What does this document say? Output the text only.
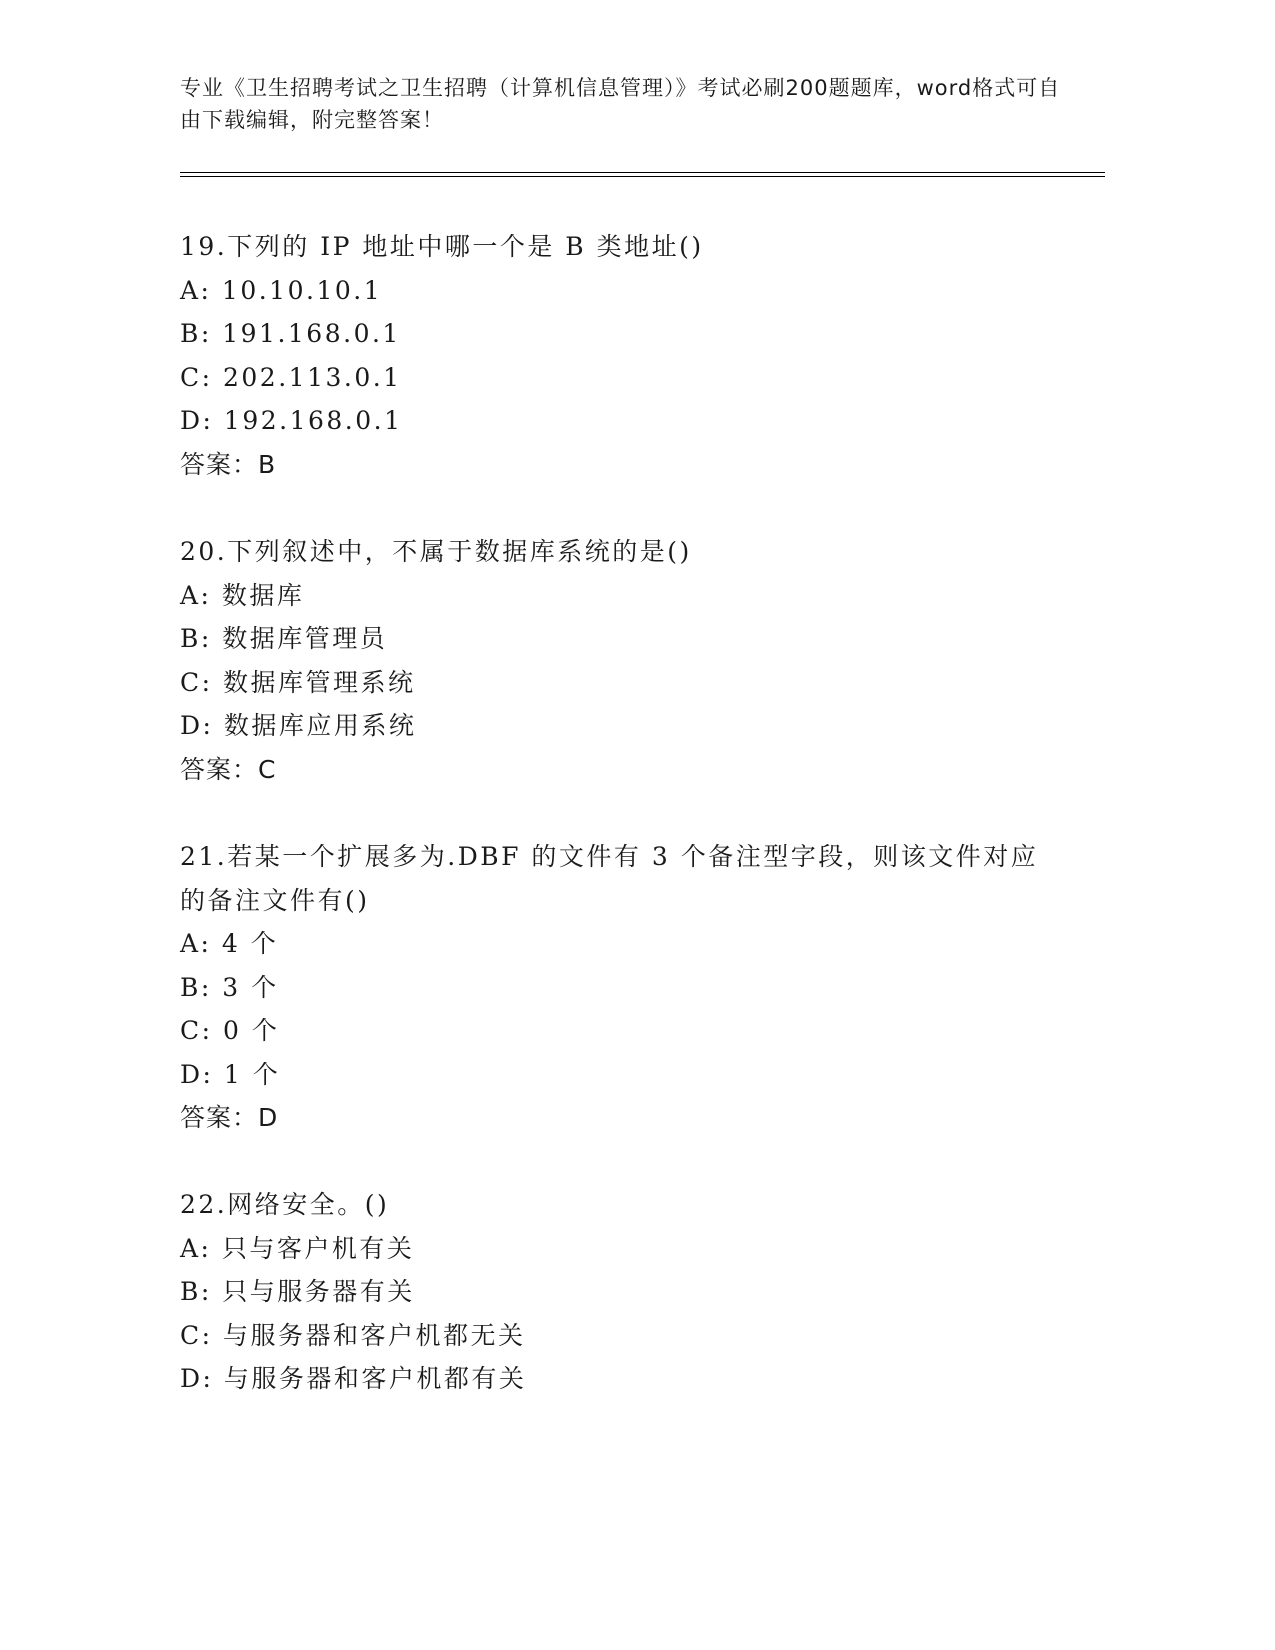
专业《卫生招聘考试之卫生招聘（计算机信息管理）》考试必刷200题题库，word格式可自由下载编辑，附完整答案！

19.下列的 IP 地址中哪一个是 B 类地址()

A: 10.10.10.1

B: 191.168.0.1

C: 202.113.0.1

D: 192.168.0.1

答案：B

20.下列叙述中，不属于数据库系统的是()

A: 数据库

B: 数据库管理员

C: 数据库管理系统

D: 数据库应用系统

答案：C

21.若某一个扩展多为.DBF 的文件有 3 个备注型字段，则该文件对应的备注文件有()

A: 4 个

B: 3 个

C: 0 个

D: 1 个

答案：D

22.网络安全。()

A: 只与客户机有关

B: 只与服务器有关

C: 与服务器和客户机都无关

D: 与服务器和客户机都有关
